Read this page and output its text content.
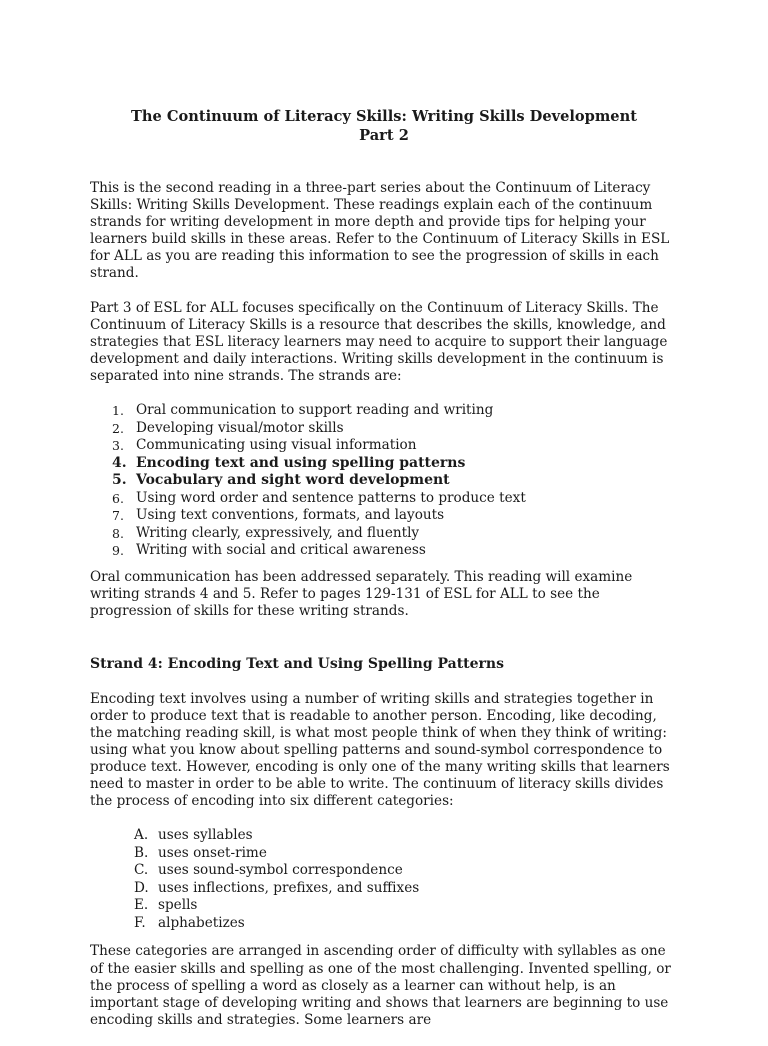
The Continuum of Literacy Skills: Writing Skills Development
Part 2

This is the second reading in a three-part series about the Continuum of Literacy Skills: Writing Skills Development. These readings explain each of the continuum strands for writing development in more depth and provide tips for helping your learners build skills in these areas. Refer to the Continuum of Literacy Skills in ESL for ALL as you are reading this information to see the progression of skills in each strand.

Part 3 of ESL for ALL focuses specifically on the Continuum of Literacy Skills. The Continuum of Literacy Skills is a resource that describes the skills, knowledge, and strategies that ESL literacy learners may need to acquire to support their language development and daily interactions. Writing skills development in the continuum is separated into nine strands. The strands are:

1. Oral communication to support reading and writing
2. Developing visual/motor skills
3. Communicating using visual information
4. Encoding text and using spelling patterns
5. Vocabulary and sight word development
6. Using word order and sentence patterns to produce text
7. Using text conventions, formats, and layouts
8. Writing clearly, expressively, and fluently
9. Writing with social and critical awareness

Oral communication has been addressed separately. This reading will examine writing strands 4 and 5. Refer to pages 129-131 of ESL for ALL to see the progression of skills for these writing strands.

Strand 4: Encoding Text and Using Spelling Patterns

Encoding text involves using a number of writing skills and strategies together in order to produce text that is readable to another person. Encoding, like decoding, the matching reading skill, is what most people think of when they think of writing: using what you know about spelling patterns and sound-symbol correspondence to produce text. However, encoding is only one of the many writing skills that learners need to master in order to be able to write. The continuum of literacy skills divides the process of encoding into six different categories:

A. uses syllables
B. uses onset-rime
C. uses sound-symbol correspondence
D. uses inflections, prefixes, and suffixes
E. spells
F. alphabetizes

These categories are arranged in ascending order of difficulty with syllables as one of the easier skills and spelling as one of the most challenging. Invented spelling, or the process of spelling a word as closely as a learner can without help, is an important stage of developing writing and shows that learners are beginning to use encoding skills and strategies. Some learners are
